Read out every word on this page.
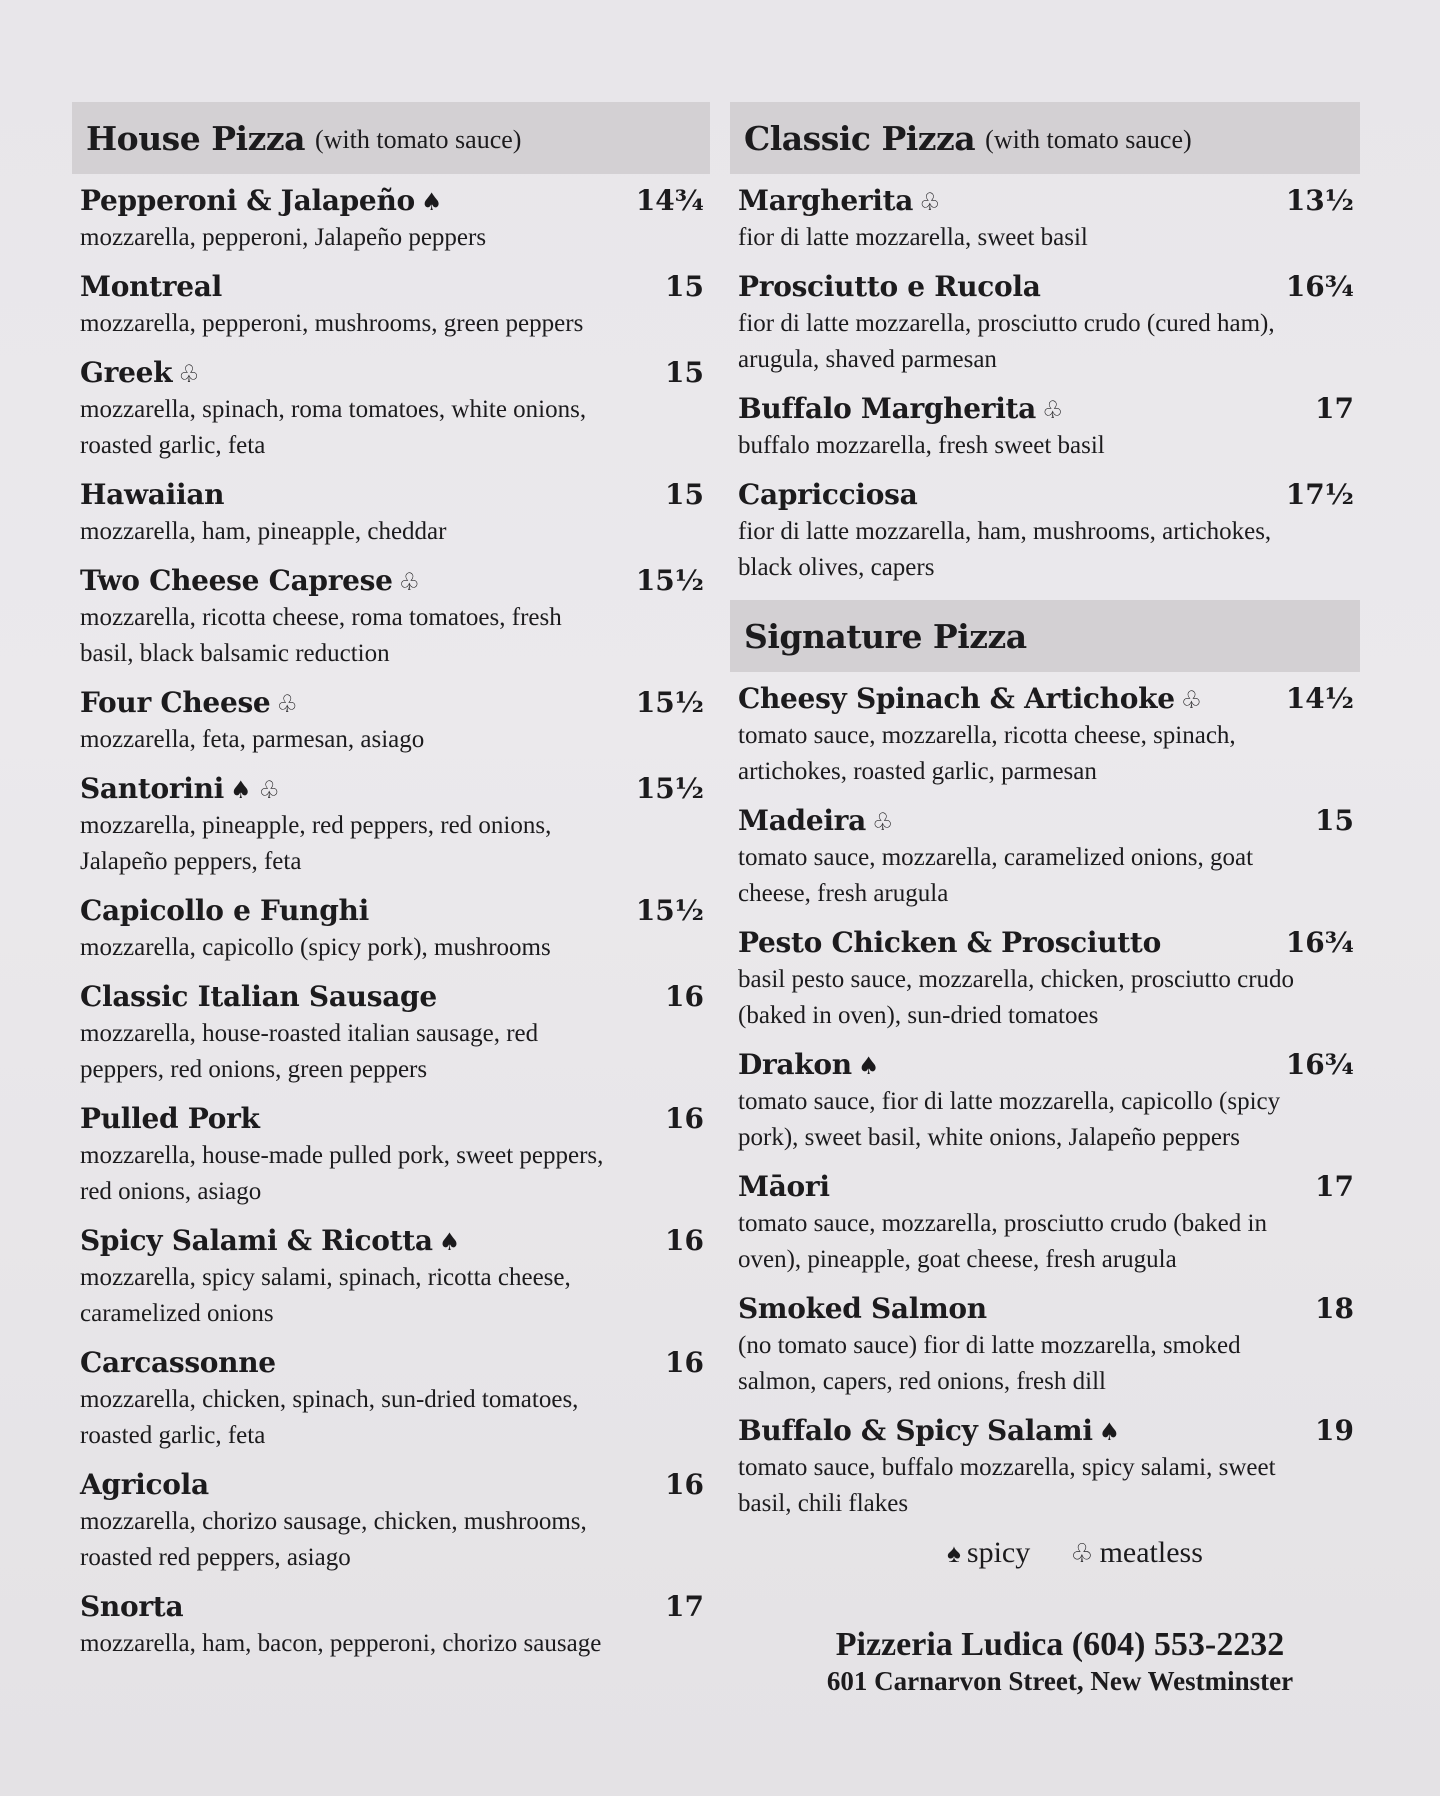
House Pizza (with tomato sauce)
Pepperoni & Jalapeño ♠	14¾
mozzarella, pepperoni, Jalapeño peppers
Montreal	15
mozzarella, pepperoni, mushrooms, green peppers
Greek ♧	15
mozzarella, spinach, roma tomatoes, white onions, roasted garlic, feta
Hawaiian	15
mozzarella, ham, pineapple, cheddar
Two Cheese Caprese ♧	15½
mozzarella, ricotta cheese, roma tomatoes, fresh basil, black balsamic reduction
Four Cheese ♧	15½
mozzarella, feta, parmesan, asiago
Santorini ♠ ♧	15½
mozzarella, pineapple, red peppers, red onions, Jalapeño peppers, feta
Capicollo e Funghi	15½
mozzarella, capicollo (spicy pork), mushrooms
Classic Italian Sausage	16
mozzarella, house-roasted italian sausage, red peppers, red onions, green peppers
Pulled Pork	16
mozzarella, house-made pulled pork, sweet peppers, red onions, asiago
Spicy Salami & Ricotta ♠	16
mozzarella, spicy salami, spinach, ricotta cheese, caramelized onions
Carcassonne	16
mozzarella, chicken, spinach, sun-dried tomatoes, roasted garlic, feta
Agricola	16
mozzarella, chorizo sausage, chicken, mushrooms, roasted red peppers, asiago
Snorta	17
mozzarella, ham, bacon, pepperoni, chorizo sausage
Classic Pizza (with tomato sauce)
Margherita ♧	13½
fior di latte mozzarella, sweet basil
Prosciutto e Rucola	16¾
fior di latte mozzarella, prosciutto crudo (cured ham), arugula, shaved parmesan
Buffalo Margherita ♧	17
buffalo mozzarella, fresh sweet basil
Capricciosa	17½
fior di latte mozzarella, ham, mushrooms, artichokes, black olives, capers
Signature Pizza
Cheesy Spinach & Artichoke ♧	14½
tomato sauce, mozzarella, ricotta cheese, spinach, artichokes, roasted garlic, parmesan
Madeira ♧	15
tomato sauce, mozzarella, caramelized onions, goat cheese, fresh arugula
Pesto Chicken & Prosciutto	16¾
basil pesto sauce, mozzarella, chicken, prosciutto crudo (baked in oven), sun-dried tomatoes
Drakon ♠	16¾
tomato sauce, fior di latte mozzarella, capicollo (spicy pork), sweet basil, white onions, Jalapeño peppers
Māori	17
tomato sauce, mozzarella, prosciutto crudo (baked in oven), pineapple, goat cheese, fresh arugula
Smoked Salmon	18
(no tomato sauce) fior di latte mozzarella, smoked salmon, capers, red onions, fresh dill
Buffalo & Spicy Salami ♠	19
tomato sauce, buffalo mozzarella, spicy salami, sweet basil, chili flakes
♠ spicy ♧ meatless
Pizzeria Ludica (604) 553-2232
601 Carnarvon Street, New Westminster
